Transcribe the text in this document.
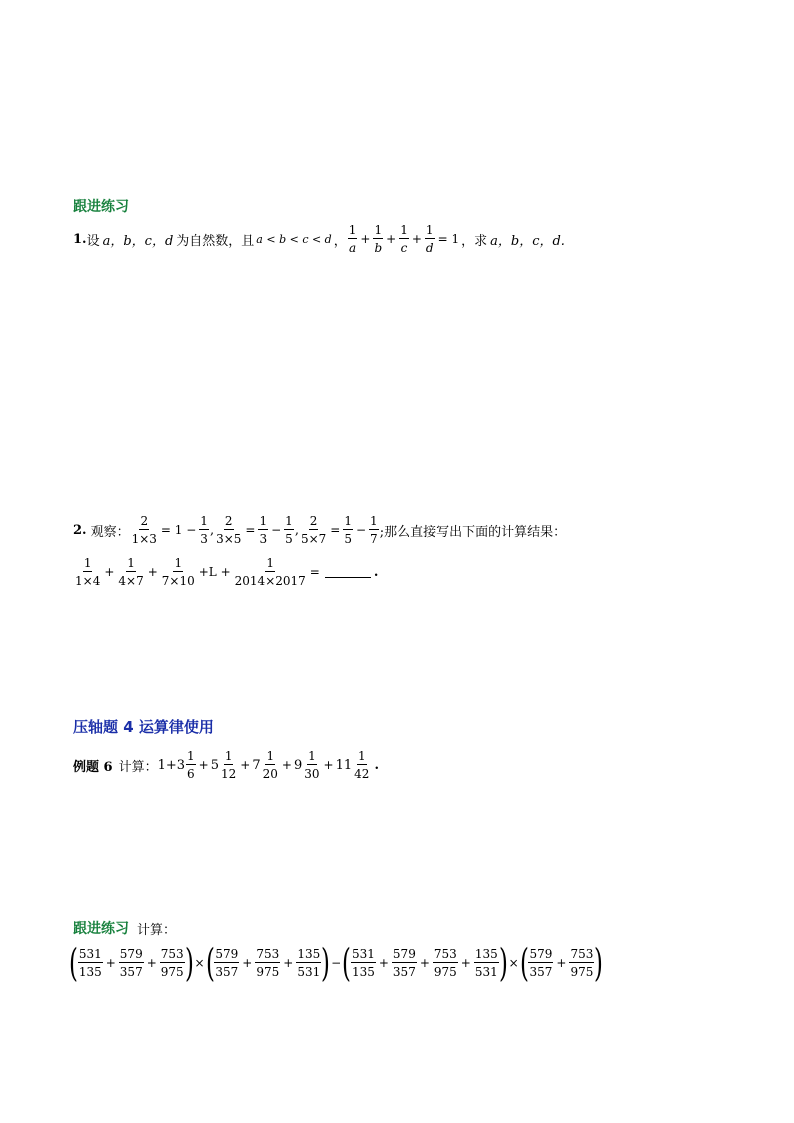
跟进练习
1. 设 a，b，c，d 为自然数，且 a < b < c < d ， $\frac{1}{a} + \frac{1}{b} + \frac{1}{c} + \frac{1}{d} = 1$ ，求 a，b，c，d.
2. 观察： $\frac{2}{1\times 3} = 1 - \frac{1}{3}$ , $\frac{2}{3\times 5} = \frac{1}{3} - \frac{1}{5}$ , $\frac{2}{5\times 7} = \frac{1}{5} - \frac{1}{7}$ ;那么直接写出下面的计算结果：
$\frac{1}{1\times 4} + \frac{1}{4\times 7} + \frac{1}{7\times 10} +L + \frac{1}{2014\times 2017}$ =	.
压轴题 4 运算律使用
例题 6 计算： $1+3 \frac{1}{6} + 5 \frac{1}{12} + 7 \frac{1}{20} + 9 \frac{1}{30} + 11 \frac{1}{42}$ .
跟进练习 计算：
( $\frac{531}{135} + \frac{579}{357} + \frac{753}{975}$ ) × ( $\frac{579}{357} + \frac{753}{975} + \frac{135}{531}$ ) − ( $\frac{531}{135} + \frac{579}{357} + \frac{753}{975} + \frac{135}{531}$ ) × ( $\frac{579}{357} + \frac{753}{975}$ )
